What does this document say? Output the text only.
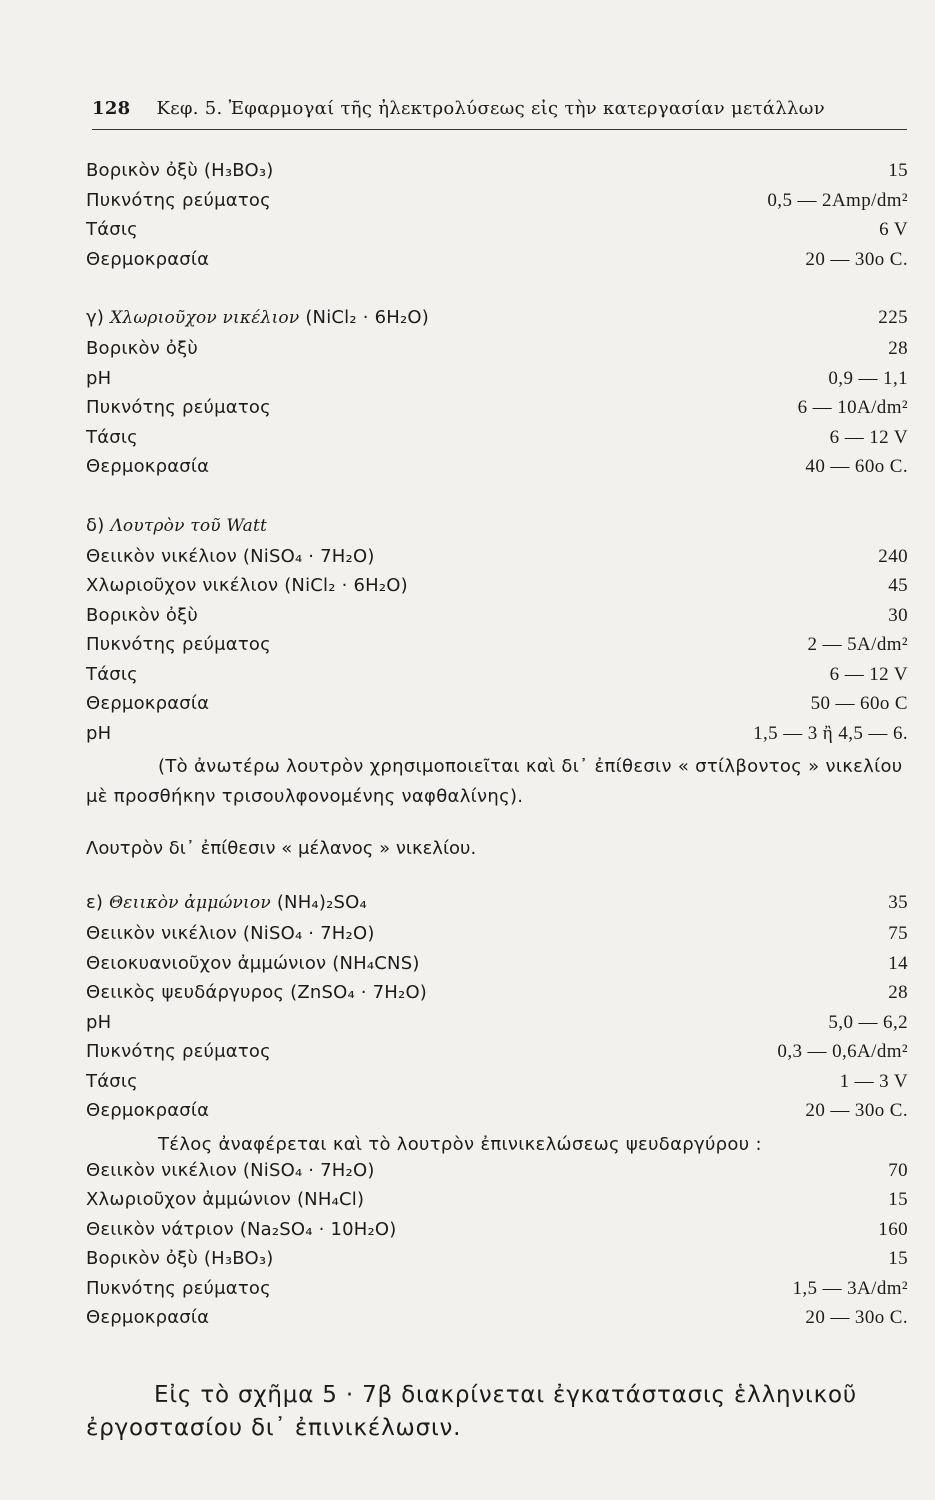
128 Κεφ. 5. Ἐφαρμογαί τῆς ἠλεκτρολύσεως εἰς τὴν κατεργασίαν μετάλλων
Βορικὸν ὀξὺ (H₃BO₃)	15
Πυκνότης ρεύματος	0,5 — 2Amp/dm²
Τάσις	6 V
Θερμοκρασία	20 — 30ο C.
γ) Χλωριοῦχον νικέλιον (NiCl₂ · 6H₂O)	225
Βορικὸν ὀξὺ	28
pH	0,9 — 1,1
Πυκνότης ρεύματος	6 — 10A/dm²
Τάσις	6 — 12 V
Θερμοκρασία	40 — 60ο C.
δ) Λουτρὸν τοῦ Watt
Θειικὸν νικέλιον (NiSO₄ · 7H₂O)	240
Χλωριοῦχον νικέλιον (NiCl₂ · 6H₂O)	45
Βορικὸν ὀξὺ	30
Πυκνότης ρεύματος	2 — 5A/dm²
Τάσις	6 — 12 V
Θερμοκρασία	50 — 60ο C
pH	1,5 — 3 ἢ 4,5 — 6.

(Τὸ ἀνωτέρω λουτρὸν χρησιμοποιεῖται καὶ δι᾽ ἐπίθεσιν « στίλβοντος » νικελίου μὲ προσθήκην τρισουλφονομένης ναφθαλίνης).

Λουτρὸν δι᾽ ἐπίθεσιν « μέλανος » νικελίου.

ε) Θειικὸν ἀμμώνιον (NH₄)₂SO₄	35
Θειικὸν νικέλιον (NiSO₄ · 7H₂O)	75
Θειοκυανιοῦχον ἀμμώνιον (NH₄CNS)	14
Θειικὸς ψευδάργυρος (ZnSO₄ · 7H₂O)	28
pH	5,0 — 6,2
Πυκνότης ρεύματος	0,3 — 0,6A/dm²
Τάσις	1 — 3 V
Θερμοκρασία	20 — 30ο C.

Τέλος ἀναφέρεται καὶ τὸ λουτρὸν ἐπινικελώσεως ψευδαργύρου :

Θειικὸν νικέλιον (NiSO₄ · 7H₂O)	70
Χλωριοῦχον ἀμμώνιον (NH₄Cl)	15
Θειικὸν νάτριον (Na₂SO₄ · 10H₂O)	160
Βορικὸν ὀξὺ (H₃BO₃)	15
Πυκνότης ρεύματος	1,5 — 3A/dm²
Θερμοκρασία	20 — 30ο C.

Εἰς τὸ σχῆμα 5 · 7β διακρίνεται ἐγκατάστασις ἑλληνικοῦ ἐργοστασίου δι᾽ ἐπινικέλωσιν.
